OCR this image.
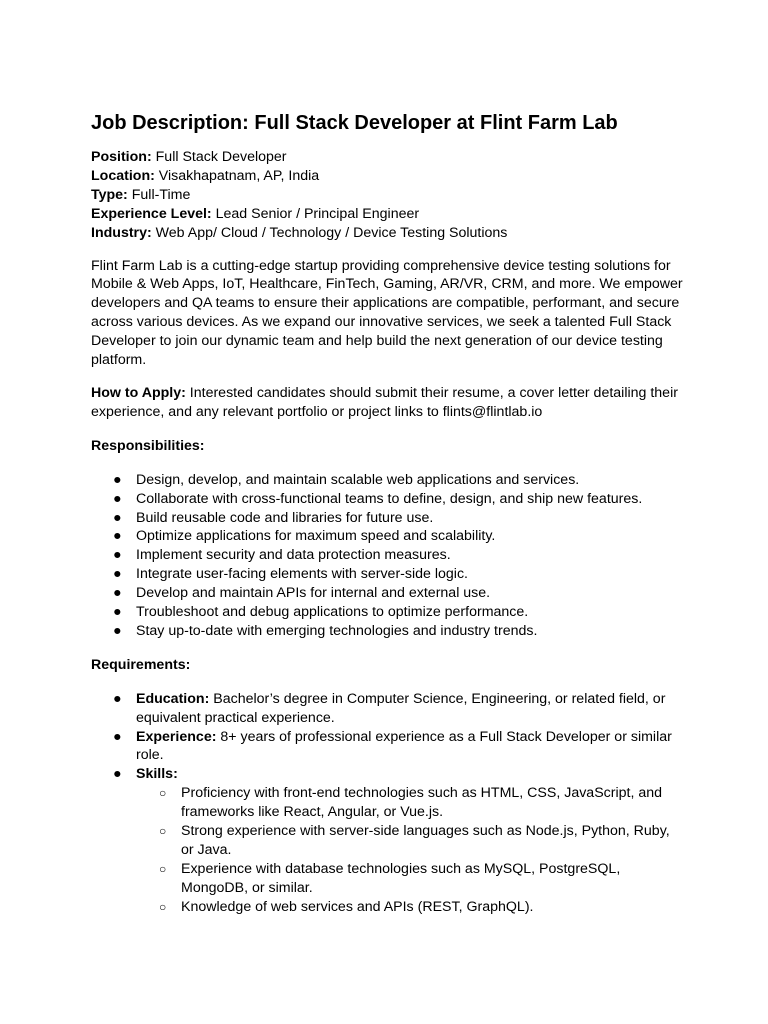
Job Description: Full Stack Developer at Flint Farm Lab

Position: Full Stack Developer

Location: Visakhapatnam, AP, India

Type: Full-Time

Experience Level: Lead Senior / Principal Engineer

Industry: Web App/ Cloud / Technology / Device Testing Solutions

Flint Farm Lab is a cutting-edge startup providing comprehensive device testing solutions for Mobile & Web Apps, IoT, Healthcare, FinTech, Gaming, AR/VR, CRM, and more. We empower developers and QA teams to ensure their applications are compatible, performant, and secure across various devices. As we expand our innovative services, we seek a talented Full Stack Developer to join our dynamic team and help build the next generation of our device testing platform.

How to Apply: Interested candidates should submit their resume, a cover letter detailing their experience, and any relevant portfolio or project links to flints@flintlab.io

Responsibilities:

● Design, develop, and maintain scalable web applications and services.
● Collaborate with cross-functional teams to define, design, and ship new features.
● Build reusable code and libraries for future use.
● Optimize applications for maximum speed and scalability.
● Implement security and data protection measures.
● Integrate user-facing elements with server-side logic.
● Develop and maintain APIs for internal and external use.
● Troubleshoot and debug applications to optimize performance.
● Stay up-to-date with emerging technologies and industry trends.

Requirements:

● Education: Bachelor’s degree in Computer Science, Engineering, or related field, or equivalent practical experience.
● Experience: 8+ years of professional experience as a Full Stack Developer or similar role.
● Skills:
○ Proficiency with front-end technologies such as HTML, CSS, JavaScript, and frameworks like React, Angular, or Vue.js.
○ Strong experience with server-side languages such as Node.js, Python, Ruby, or Java.
○ Experience with database technologies such as MySQL, PostgreSQL, MongoDB, or similar.
○ Knowledge of web services and APIs (REST, GraphQL).
